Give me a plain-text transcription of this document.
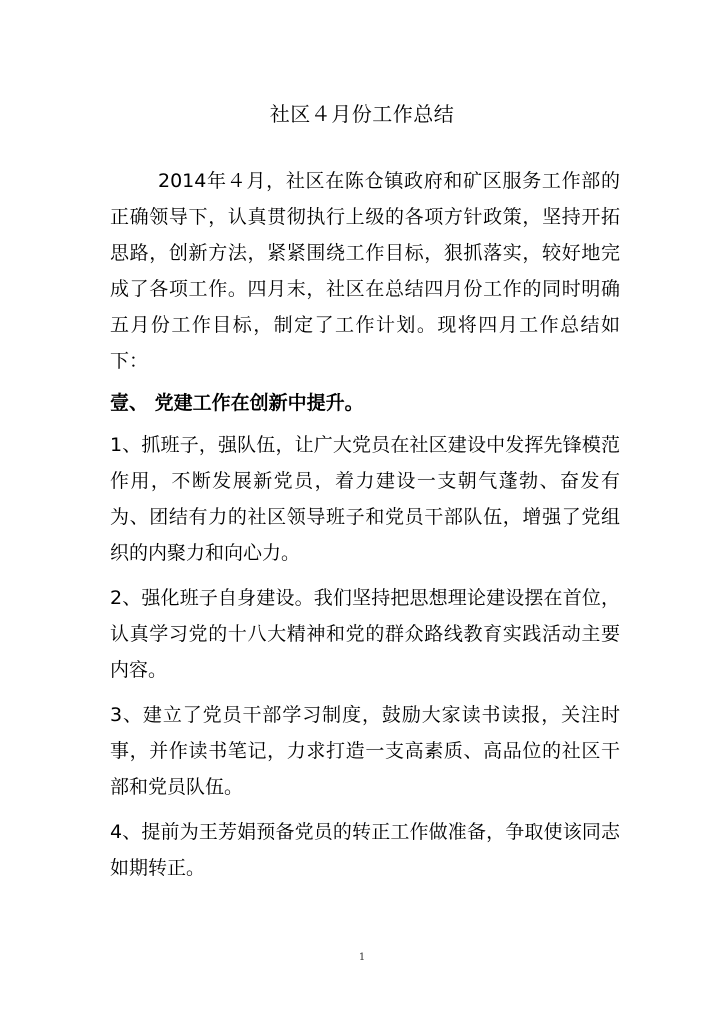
社区４月份工作总结

2014年４月，社区在陈仓镇政府和矿区服务工作部的正确领导下，认真贯彻执行上级的各项方针政策，坚持开拓思路，创新方法，紧紧围绕工作目标，狠抓落实，较好地完成了各项工作。四月末，社区在总结四月份工作的同时明确五月份工作目标，制定了工作计划。现将四月工作总结如下：

壹、 党建工作在创新中提升。

1、抓班子，强队伍，让广大党员在社区建设中发挥先锋模范作用，不断发展新党员，着力建设一支朝气蓬勃、奋发有为、团结有力的社区领导班子和党员干部队伍，增强了党组织的内聚力和向心力。

2、强化班子自身建设。我们坚持把思想理论建设摆在首位，认真学习党的十八大精神和党的群众路线教育实践活动主要内容。

3、建立了党员干部学习制度，鼓励大家读书读报，关注时事，并作读书笔记，力求打造一支高素质、高品位的社区干部和党员队伍。

4、提前为王芳娟预备党员的转正工作做准备，争取使该同志如期转正。

1
